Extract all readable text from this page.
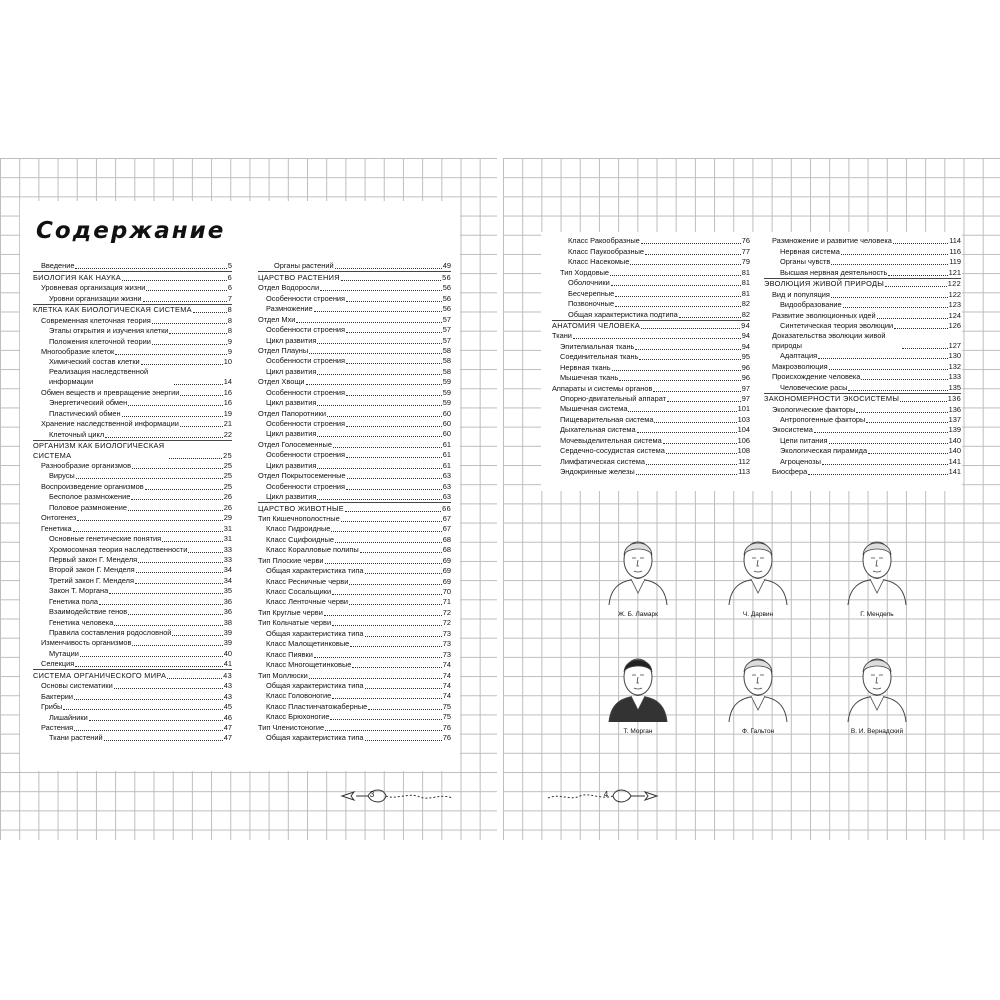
Содержание
Введение	5
БИОЛОГИЯ КАК НАУКА	6
Уровневая организация жизни	6
Уровни организации жизни	7
КЛЕТКА КАК БИОЛОГИЧЕСКАЯ СИСТЕМА	8
Современная клеточная теория	8
Этапы открытия и изучения клетки	8
Положения клеточной теории	9
Многообразие клеток	9
Химический состав клетки	10
Реализация наследственной информации	14
Обмен веществ и превращение энергии	16
Энергетический обмен	16
Пластический обмен	19
Хранение наследственной информации	21
Клеточный цикл	22
ОРГАНИЗМ КАК БИОЛОГИЧЕСКАЯ СИСТЕМА	25
Разнообразие организмов	25
Вирусы	25
Воспроизведение организмов	25
Бесполое размножение	26
Половое размножение	26
Онтогенез	29
Генетика	31
Основные генетические понятия	31
Хромосомная теория наследственности	33
Первый закон Г. Менделя	33
Второй закон Г. Менделя	34
Третий закон Г. Менделя	34
Закон Т. Моргана	35
Генетика пола	36
Взаимодействие генов	36
Генетика человека	38
Правила составления родословной	39
Изменчивость организмов	39
Мутации	40
Селекция	41
СИСТЕМА ОРГАНИЧЕСКОГО МИРА	43
Основы систематики	43
Бактерии	43
Грибы	45
Лишайники	46
Растения	47
Ткани растений	47
Органы растений	49
ЦАРСТВО РАСТЕНИЯ	56
Отдел Водоросли	56
Особенности строения	56
Размножение	56
Отдел Мхи	57
Особенности строения	57
Цикл развития	57
Отдел Плауны	58
Особенности строения	58
Цикл развития	58
Отдел Хвощи	59
Особенности строения	59
Цикл развития	59
Отдел Папоротники	60
Особенности строения	60
Цикл развития	60
Отдел Голосеменные	61
Особенности строения	61
Цикл развития	61
Отдел Покрытосеменные	63
Особенности строения	63
Цикл развития	63
ЦАРСТВО ЖИВОТНЫЕ	66
Тип Кишечнополостные	67
Класс Гидроидные	67
Класс Сцифоидные	68
Класс Коралловые полипы	68
Тип Плоские черви	69
Общая характеристика типа	69
Класс Ресничные черви	69
Класс Сосальщики	70
Класс Ленточные черви	71
Тип Круглые черви	72
Тип Кольчатые черви	72
Общая характеристика типа	73
Класс Малощетинковые	73
Класс Пиявки	73
Класс Многощетинковые	74
Тип Моллюски	74
Общая характеристика типа	74
Класс Головоногие	74
Класс Пластинчатожаберные	75
Класс Брюхоногие	75
Тип Членистоногие	76
Общая характеристика типа	76
Класс Ракообразные	76
Класс Паукообразные	77
Класс Насекомые	79
Тип Хордовые	81
Оболочники	81
Бесчерепные	81
Позвоночные	82
Общая характеристика подтипа	82
АНАТОМИЯ ЧЕЛОВЕКА	94
Ткани	94
Эпителиальная ткань	94
Соединительная ткань	95
Нервная ткань	96
Мышечная ткань	96
Аппараты и системы органов	97
Опорно-двигательный аппарат	97
Мышечная система	101
Пищеварительная система	103
Дыхательная система	104
Мочевыделительная система	106
Сердечно-сосудистая система	108
Лимфатическая система	112
Эндокринные железы	113
Размножение и развитие человека	114
Нервная система	116
Органы чувств	119
Высшая нервная деятельность	121
ЭВОЛЮЦИЯ ЖИВОЙ ПРИРОДЫ	122
Вид и популяция	122
Видообразование	123
Развитие эволюционных идей	124
Синтетическая теория эволюции	126
Доказательства эволюции живой природы	127
Адаптация	130
Макроэволюция	132
Происхождение человека	133
Человеческие расы	135
ЗАКОНОМЕРНОСТИ ЭКОСИСТЕМЫ	136
Экологические факторы	136
Антропогенные факторы	137
Экосистема	139
Цепи питания	140
Экологическая пирамида	140
Агроценозы	141
Биосфера	141
Ж. Б. Ламарк	Ч. Дарвин	Г. Мендель
Т. Морган	Ф. Гальтон	В. И. Вернадский
3	4
